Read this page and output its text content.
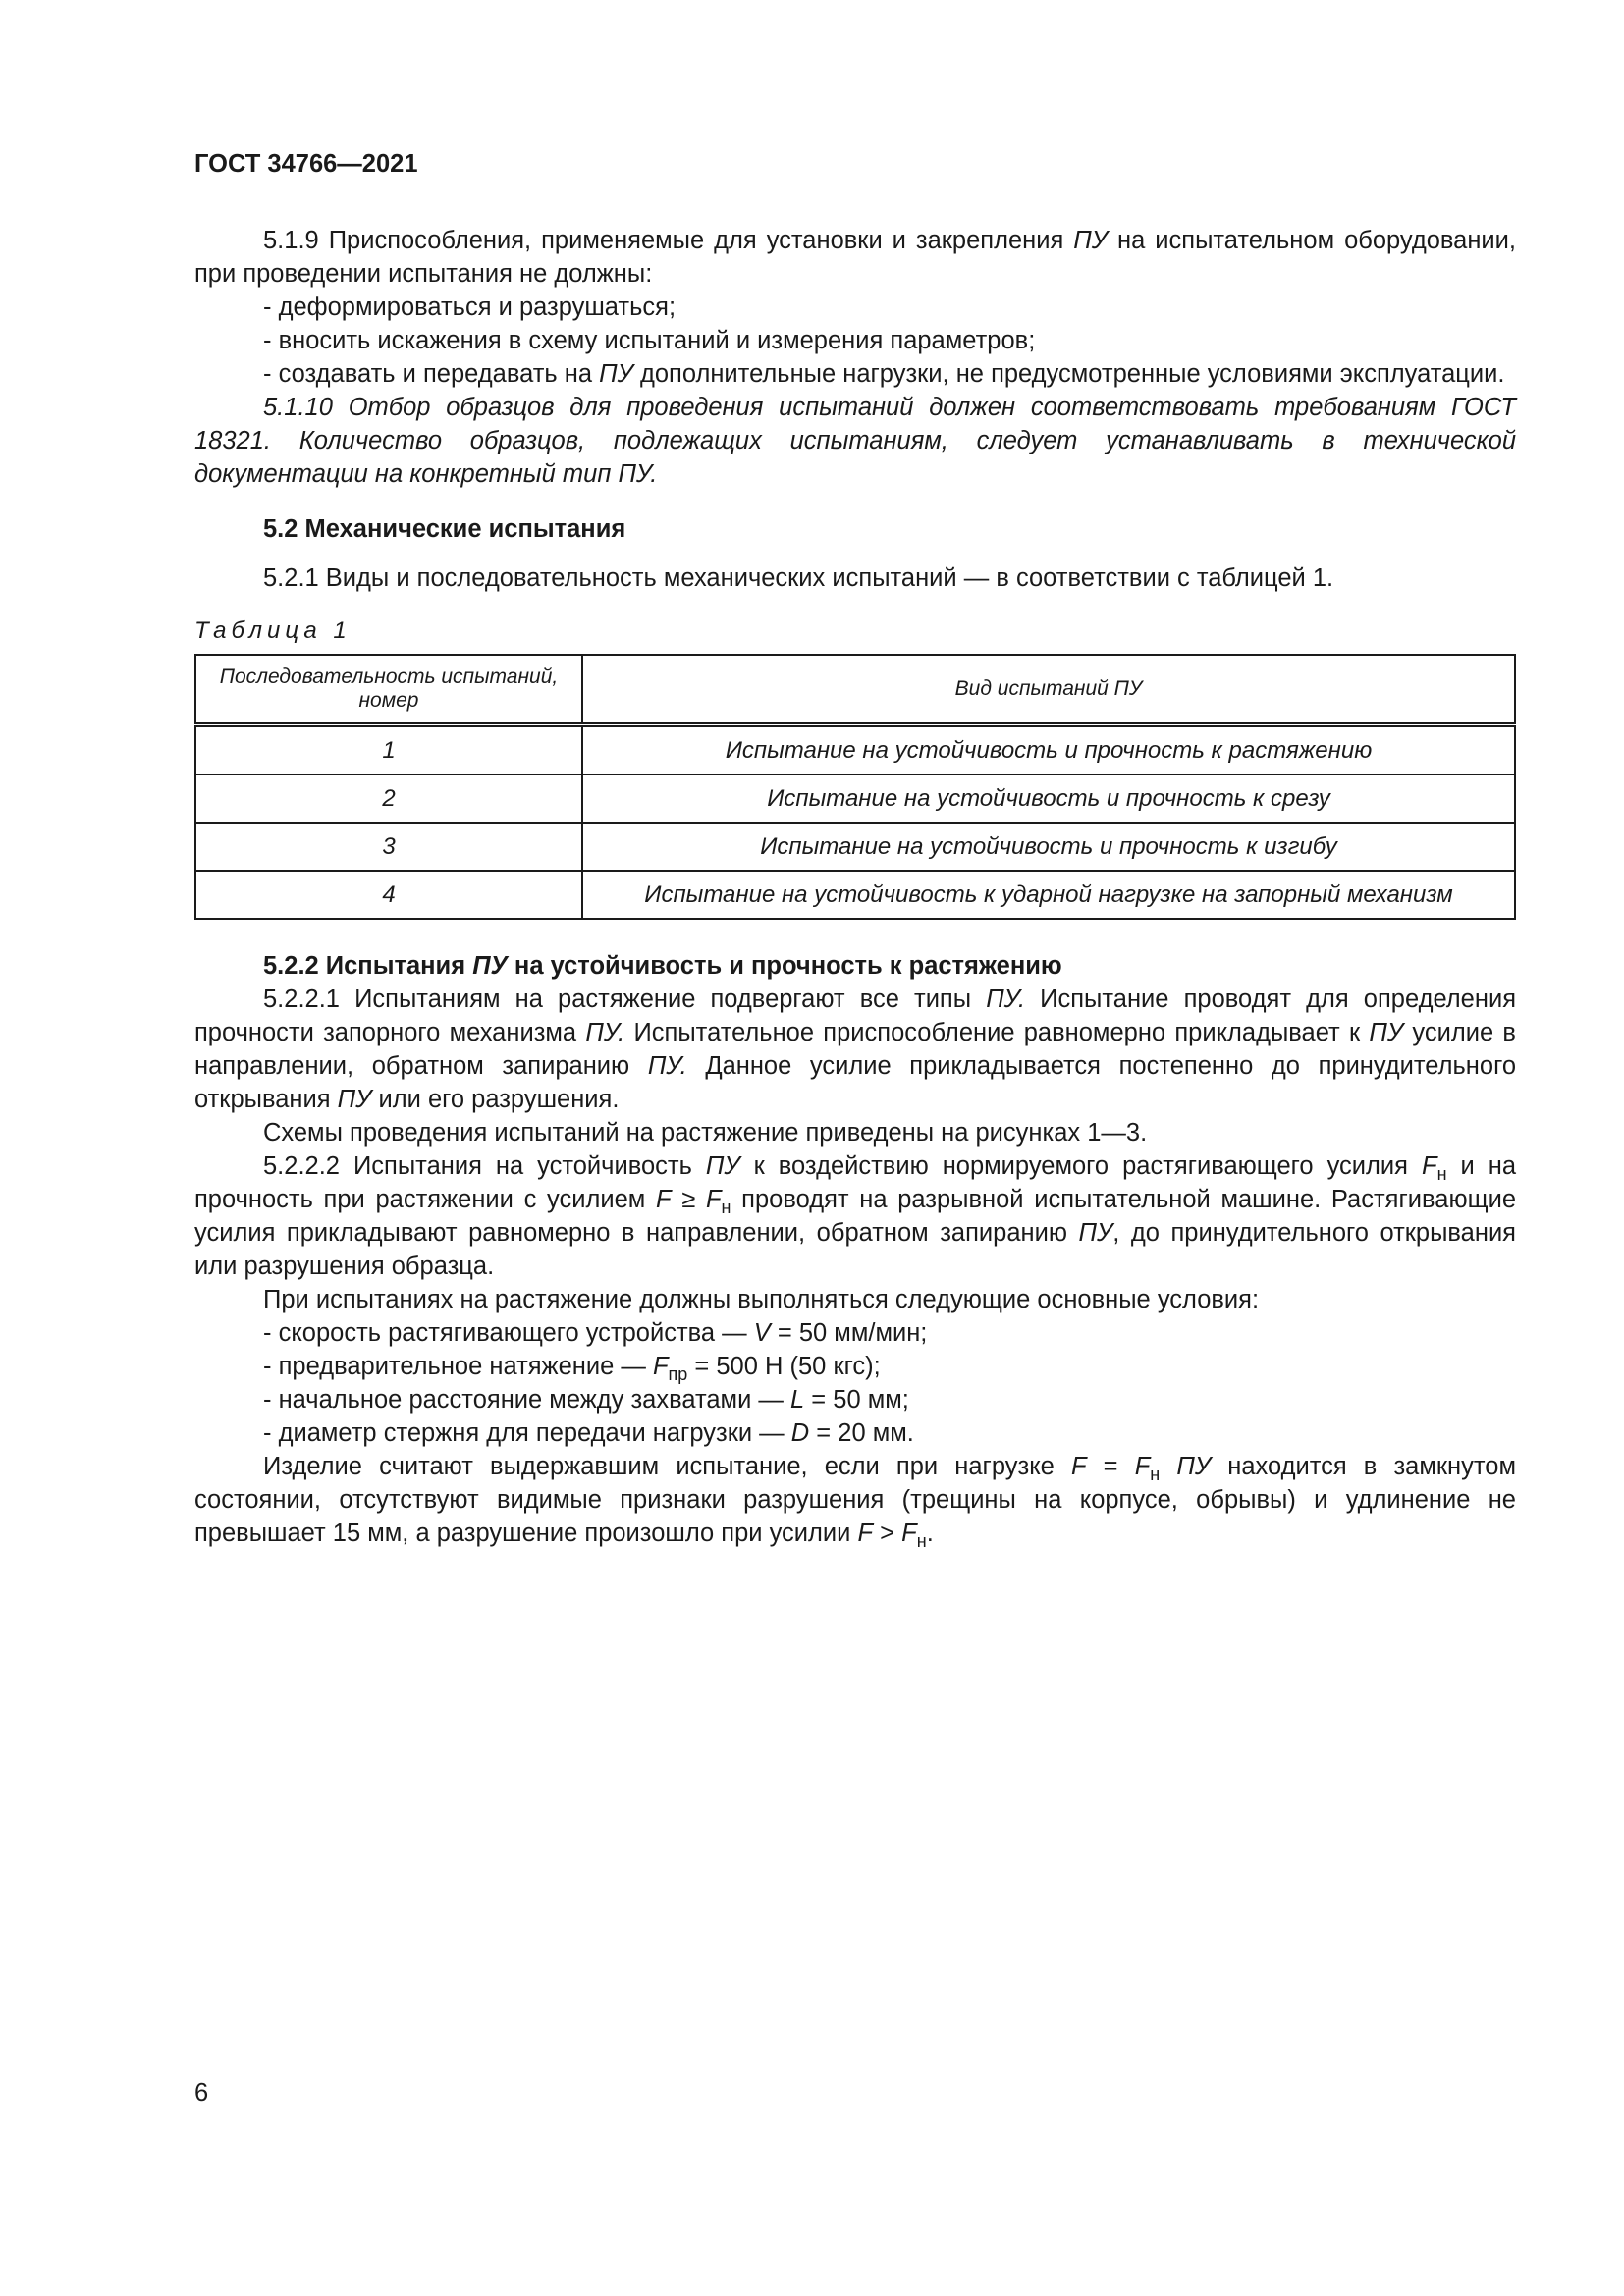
ГОСТ 34766—2021

5.1.9 Приспособления, применяемые для установки и закрепления ПУ на испытательном оборудовании, при проведении испытания не должны:

- деформироваться и разрушаться;

- вносить искажения в схему испытаний и измерения параметров;

- создавать и передавать на ПУ дополнительные нагрузки, не предусмотренные условиями эксплуатации.

5.1.10 Отбор образцов для проведения испытаний должен соответствовать требованиям ГОСТ 18321. Количество образцов, подлежащих испытаниям, следует устанавливать в технической документации на конкретный тип ПУ.

5.2 Механические испытания

5.2.1 Виды и последовательность механических испытаний — в соответствии с таблицей 1.

Таблица 1
Последовательность испытаний, номер	Вид испытаний ПУ
1	Испытание на устойчивость и прочность к растяжению
2	Испытание на устойчивость и прочность к срезу
3	Испытание на устойчивость и прочность к изгибу
4	Испытание на устойчивость к ударной нагрузке на запорный механизм

5.2.2 Испытания ПУ на устойчивость и прочность к растяжению

5.2.2.1 Испытаниям на растяжение подвергают все типы ПУ. Испытание проводят для определения прочности запорного механизма ПУ. Испытательное приспособление равномерно прикладывает к ПУ усилие в направлении, обратном запиранию ПУ. Данное усилие прикладывается постепенно до принудительного открывания ПУ или его разрушения.

Схемы проведения испытаний на растяжение приведены на рисунках 1—3.

5.2.2.2 Испытания на устойчивость ПУ к воздействию нормируемого растягивающего усилия $F_н$ и на прочность при растяжении с усилием $F \ge F_н$ проводят на разрывной испытательной машине. Растягивающие усилия прикладывают равномерно в направлении, обратном запиранию ПУ, до принудительного открывания или разрушения образца.

При испытаниях на растяжение должны выполняться следующие основные условия:

- скорость растягивающего устройства — V = 50 мм/мин;

- предварительное натяжение — $F_{пр} = 500$ Н (50 кгс);

- начальное расстояние между захватами — L = 50 мм;

- диаметр стержня для передачи нагрузки — D = 20 мм.

Изделие считают выдержавшим испытание, если при нагрузке $F = F_н$ ПУ находится в замкнутом состоянии, отсутствуют видимые признаки разрушения (трещины на корпусе, обрывы) и удлинение не превышает 15 мм, а разрушение произошло при усилии $F > F_н$.

6
